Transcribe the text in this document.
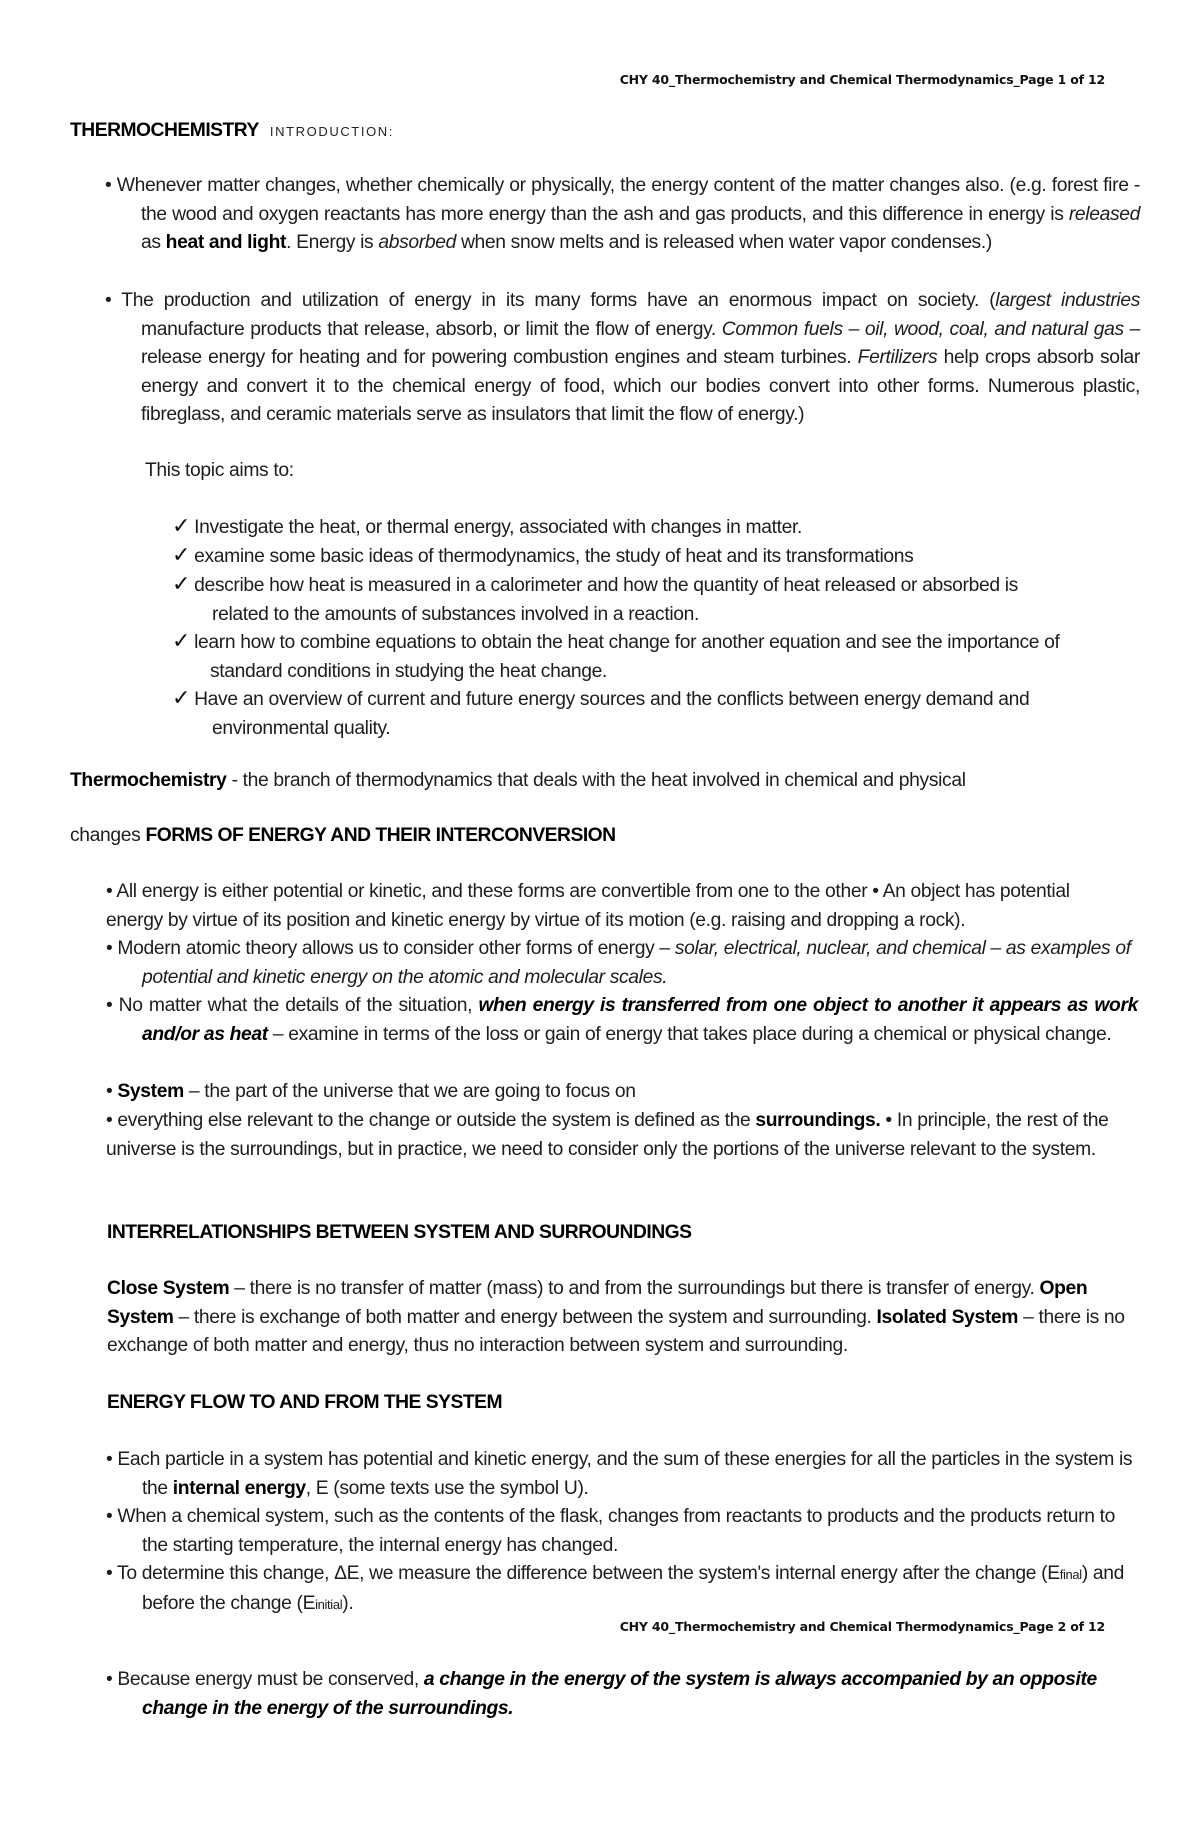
CHY 40_Thermochemistry and Chemical Thermodynamics_Page 1 of 12
THERMOCHEMISTRY INTRODUCTION:
• Whenever matter changes, whether chemically or physically, the energy content of the matter changes also. (e.g. forest fire - the wood and oxygen reactants has more energy than the ash and gas products, and this difference in energy is released as heat and light. Energy is absorbed when snow melts and is released when water vapor condenses.)
• The production and utilization of energy in its many forms have an enormous impact on society. (largest industries manufacture products that release, absorb, or limit the flow of energy. Common fuels – oil, wood, coal, and natural gas – release energy for heating and for powering combustion engines and steam turbines. Fertilizers help crops absorb solar energy and convert it to the chemical energy of food, which our bodies convert into other forms. Numerous plastic, fibreglass, and ceramic materials serve as insulators that limit the flow of energy.)
This topic aims to:
✓ Investigate the heat, or thermal energy, associated with changes in matter.
✓ examine some basic ideas of thermodynamics, the study of heat and its transformations
✓ describe how heat is measured in a calorimeter and how the quantity of heat released or absorbed is
related to the amounts of substances involved in a reaction.
✓ learn how to combine equations to obtain the heat change for another equation and see the importance of
standard conditions in studying the heat change.
✓ Have an overview of current and future energy sources and the conflicts between energy demand and
environmental quality.
Thermochemistry - the branch of thermodynamics that deals with the heat involved in chemical and physical
changes FORMS OF ENERGY AND THEIR INTERCONVERSION
• All energy is either potential or kinetic, and these forms are convertible from one to the other • An object has potential energy by virtue of its position and kinetic energy by virtue of its motion (e.g. raising and dropping a rock).
• Modern atomic theory allows us to consider other forms of energy – solar, electrical, nuclear, and chemical – as examples of potential and kinetic energy on the atomic and molecular scales.
• No matter what the details of the situation, when energy is transferred from one object to another it appears as work and/or as heat – examine in terms of the loss or gain of energy that takes place during a chemical or physical change.
• System – the part of the universe that we are going to focus on
• everything else relevant to the change or outside the system is defined as the surroundings. • In principle, the rest of the universe is the surroundings, but in practice, we need to consider only the portions of the universe relevant to the system.
INTERRELATIONSHIPS BETWEEN SYSTEM AND SURROUNDINGS
Close System – there is no transfer of matter (mass) to and from the surroundings but there is transfer of energy. Open System – there is exchange of both matter and energy between the system and surrounding. Isolated System – there is no exchange of both matter and energy, thus no interaction between system and surrounding.
ENERGY FLOW TO AND FROM THE SYSTEM
• Each particle in a system has potential and kinetic energy, and the sum of these energies for all the particles in the system is the internal energy, E (some texts use the symbol U).
• When a chemical system, such as the contents of the flask, changes from reactants to products and the products return to the starting temperature, the internal energy has changed.
• To determine this change, ΔE, we measure the difference between the system's internal energy after the change (Efinal) and before the change (Einitial).
CHY 40_Thermochemistry and Chemical Thermodynamics_Page 2 of 12
• Because energy must be conserved, a change in the energy of the system is always accompanied by an opposite change in the energy of the surroundings.
